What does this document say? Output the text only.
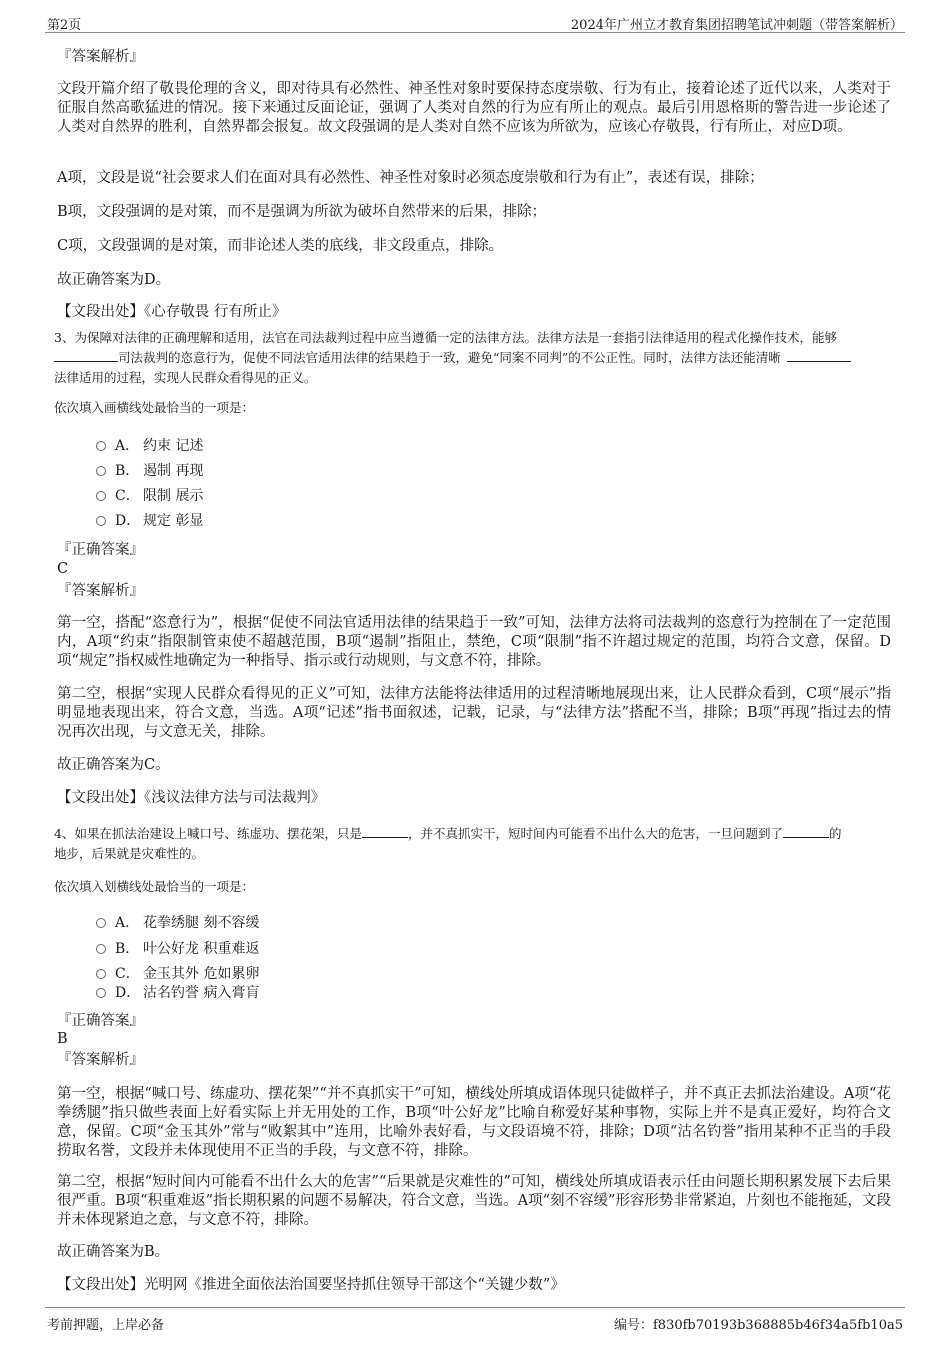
第2页	2024年广州立才教育集团招聘笔试冲刺题（带答案解析）

『答案解析』

文段开篇介绍了敬畏伦理的含义，即对待具有必然性、神圣性对象时要保持态度崇敬、行为有止，接着论述了近代以来，人类对于征服自然高歌猛进的情况。接下来通过反面论证，强调了人类对自然的行为应有所止的观点。最后引用恩格斯的警告进一步论述了人类对自然界的胜利，自然界都会报复。故文段强调的是人类对自然不应该为所欲为，应该心存敬畏，行有所止，对应D项。

A项，文段是说“社会要求人们在面对具有必然性、神圣性对象时必须态度崇敬和行为有止”，表述有误，排除；

B项，文段强调的是对策，而不是强调为所欲为破坏自然带来的后果，排除；

C项，文段强调的是对策，而非论述人类的底线，非文段重点，排除。

故正确答案为D。

【文段出处】《心存敬畏 行有所止》

3、为保障对法律的正确理解和适用，法官在司法裁判过程中应当遵循一定的法律方法。法律方法是一套指引法律适用的程式化操作技术，能够
司法裁判的恣意行为，促使不同法官适用法律的结果趋于一致，避免“同案不同判”的不公正性。同时，法律方法还能清晰
法律适用的过程，实现人民群众看得见的正义。

依次填入画横线处最恰当的一项是：

A． 约束 记述
B． 遏制 再现
C． 限制 展示
D． 规定 彰显

『正确答案』

C

『答案解析』

第一空，搭配“恣意行为”，根据“促使不同法官适用法律的结果趋于一致”可知，法律方法将司法裁判的恣意行为控制在了一定范围内，A项“约束”指限制管束使不超越范围，B项“遏制”指阻止，禁绝，C项“限制”指不许超过规定的范围，均符合文意，保留。D项“规定”指权威性地确定为一种指导、指示或行动规则，与文意不符，排除。

第二空，根据“实现人民群众看得见的正义”可知，法律方法能将法律适用的过程清晰地展现出来，让人民群众看到，C项“展示”指明显地表现出来，符合文意，当选。A项“记述”指书面叙述，记载，记录，与“法律方法”搭配不当，排除；B项“再现”指过去的情况再次出现，与文意无关，排除。

故正确答案为C。

【文段出处】《浅议法律方法与司法裁判》

4、如果在抓法治建设上喊口号、练虚功、摆花架，只是	，并不真抓实干，短时间内可能看不出什么大的危害，一旦问题到了	的
地步，后果就是灾难性的。

依次填入划横线处最恰当的一项是：

A． 花拳绣腿 刻不容缓
B． 叶公好龙 积重难返
C． 金玉其外 危如累卵
D． 沽名钓誉 病入膏肓

『正确答案』

B

『答案解析』

第一空，根据“喊口号、练虚功、摆花架”“并不真抓实干”可知，横线处所填成语体现只徒做样子，并不真正去抓法治建设。A项“花拳绣腿”指只做些表面上好看实际上并无用处的工作，B项“叶公好龙”比喻自称爱好某种事物，实际上并不是真正爱好，均符合文意，保留。C项“金玉其外”常与“败絮其中”连用，比喻外表好看，与文段语境不符，排除；D项“沽名钓誉”指用某种不正当的手段捞取名誉，文段并未体现使用不正当的手段，与文意不符，排除。

第二空，根据“短时间内可能看不出什么大的危害”“后果就是灾难性的”可知，横线处所填成语表示任由问题长期积累发展下去后果很严重。B项“积重难返”指长期积累的问题不易解决，符合文意，当选。A项“刻不容缓”形容形势非常紧迫，片刻也不能拖延，文段并未体现紧迫之意，与文意不符，排除。

故正确答案为B。

【文段出处】光明网《推进全面依法治国要坚持抓住领导干部这个“关键少数”》

考前押题，上岸必备	编号：f830fb70193b368885b46f34a5fb10a5
